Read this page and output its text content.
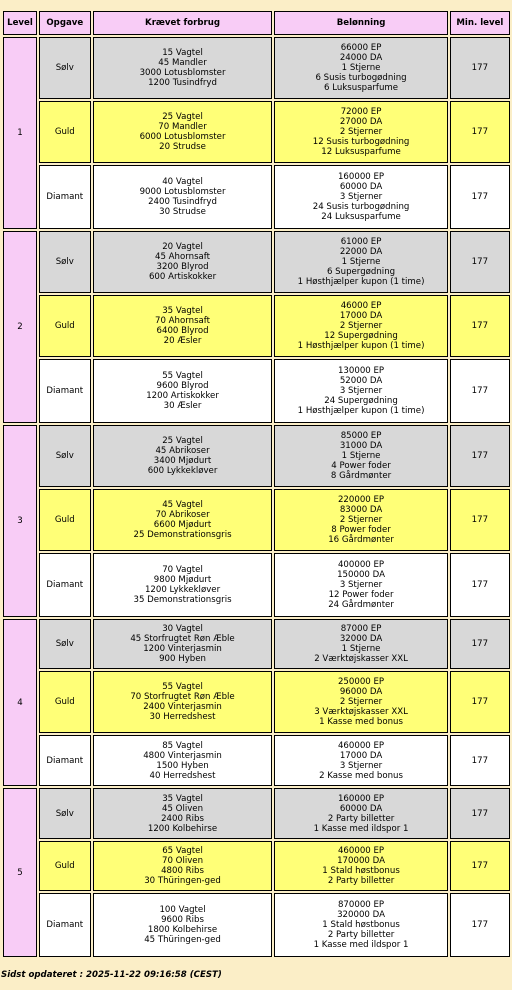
Level	Opgave	Krævet forbrug	Belønning	Min. level
1	Sølv	15 Vagtel
45 Mandler
3000 Lotusblomster
1200 Tusindfryd	66000 EP
24000 DA
1 Stjerne
6 Susis turbogødning
6 Luksusparfume	177
	Guld	25 Vagtel
70 Mandler
6000 Lotusblomster
20 Strudse	72000 EP
27000 DA
2 Stjerner
12 Susis turbogødning
12 Luksusparfume	177
	Diamant	40 Vagtel
9000 Lotusblomster
2400 Tusindfryd
30 Strudse	160000 EP
60000 DA
3 Stjerner
24 Susis turbogødning
24 Luksusparfume	177
2	Sølv	20 Vagtel
45 Ahornsaft
3200 Blyrod
600 Artiskokker	61000 EP
22000 DA
1 Stjerne
6 Supergødning
1 Høsthjælper kupon (1 time)	177
	Guld	35 Vagtel
70 Ahornsaft
6400 Blyrod
20 Æsler	46000 EP
17000 DA
2 Stjerner
12 Supergødning
1 Høsthjælper kupon (1 time)	177
	Diamant	55 Vagtel
9600 Blyrod
1200 Artiskokker
30 Æsler	130000 EP
52000 DA
3 Stjerner
24 Supergødning
1 Høsthjælper kupon (1 time)	177
3	Sølv	25 Vagtel
45 Abrikoser
3400 Mjødurt
600 Lykkekløver	85000 EP
31000 DA
1 Stjerne
4 Power foder
8 Gårdmønter	177
	Guld	45 Vagtel
70 Abrikoser
6600 Mjødurt
25 Demonstrationsgris	220000 EP
83000 DA
2 Stjerner
8 Power foder
16 Gårdmønter	177
	Diamant	70 Vagtel
9800 Mjødurt
1200 Lykkekløver
35 Demonstrationsgris	400000 EP
150000 DA
3 Stjerner
12 Power foder
24 Gårdmønter	177
4	Sølv	30 Vagtel
45 Storfrugtet Røn Æble
1200 Vinterjasmin
900 Hyben	87000 EP
32000 DA
1 Stjerne
2 Værktøjskasser XXL	177
	Guld	55 Vagtel
70 Storfrugtet Røn Æble
2400 Vinterjasmin
30 Herredshest	250000 EP
96000 DA
2 Stjerner
3 Værktøjskasser XXL
1 Kasse med bonus	177
	Diamant	85 Vagtel
4800 Vinterjasmin
1500 Hyben
40 Herredshest	460000 EP
17000 DA
3 Stjerner
2 Kasse med bonus	177
5	Sølv	35 Vagtel
45 Oliven
2400 Ribs
1200 Kolbehirse	160000 EP
60000 DA
2 Party billetter
1 Kasse med ildspor 1	177
	Guld	65 Vagtel
70 Oliven
4800 Ribs
30 Thüringen-ged	460000 EP
170000 DA
1 Stald høstbonus
2 Party billetter	177
	Diamant	100 Vagtel
9600 Ribs
1800 Kolbehirse
45 Thüringen-ged	870000 EP
320000 DA
1 Stald høstbonus
2 Party billetter
1 Kasse med ildspor 1	177
Sidst opdateret : 2025-11-22 09:16:58 (CEST)
